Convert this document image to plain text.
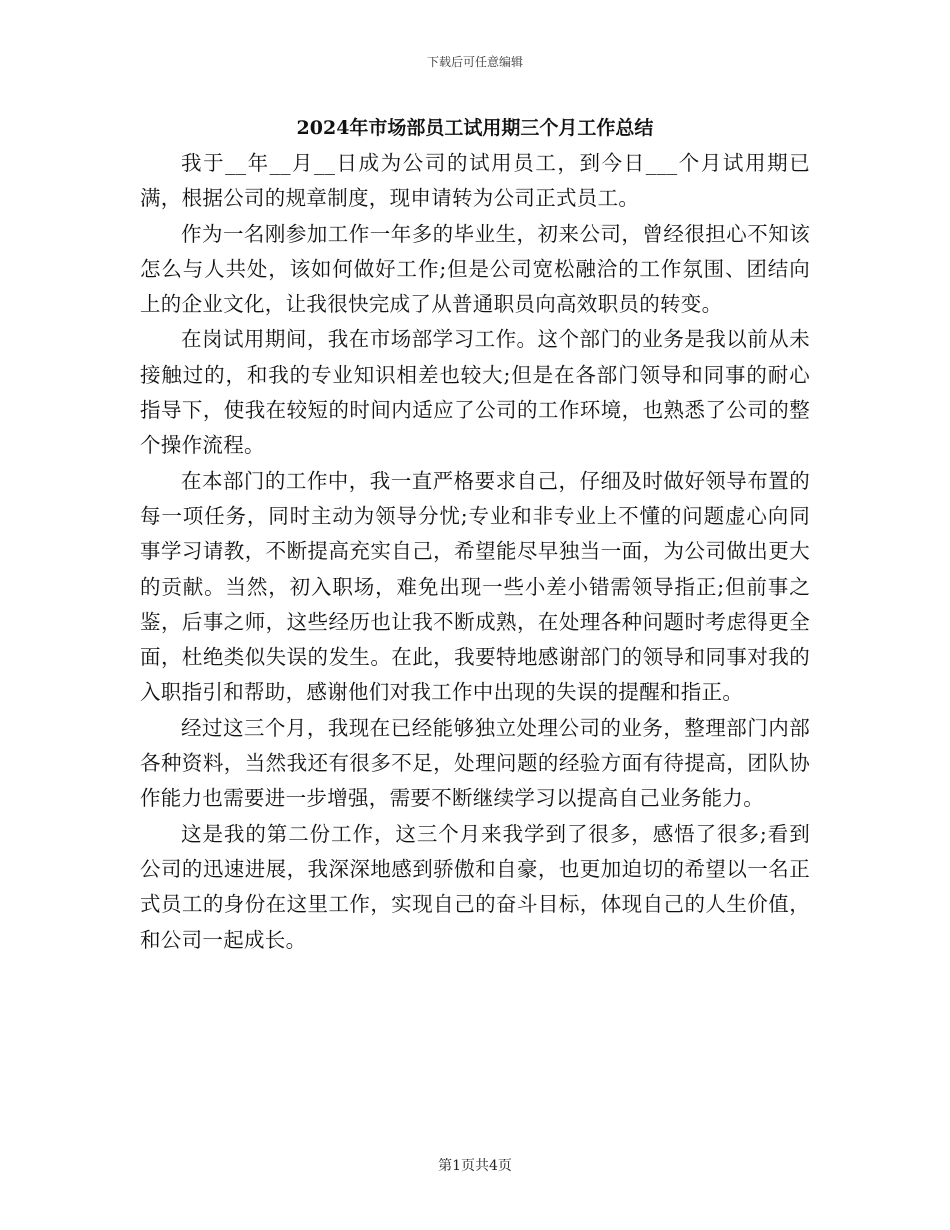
下载后可任意编辑
2024年市场部员工试用期三个月工作总结

我于__年__月__日成为公司的试用员工，到今日___个月试用期已满，根据公司的规章制度，现申请转为公司正式员工。

作为一名刚参加工作一年多的毕业生，初来公司，曾经很担心不知该怎么与人共处，该如何做好工作;但是公司宽松融洽的工作氛围、团结向上的企业文化，让我很快完成了从普通职员向高效职员的转变。

在岗试用期间，我在市场部学习工作。这个部门的业务是我以前从未接触过的，和我的专业知识相差也较大;但是在各部门领导和同事的耐心指导下，使我在较短的时间内适应了公司的工作环境，也熟悉了公司的整个操作流程。

在本部门的工作中，我一直严格要求自己，仔细及时做好领导布置的每一项任务，同时主动为领导分忧;专业和非专业上不懂的问题虚心向同事学习请教，不断提高充实自己，希望能尽早独当一面，为公司做出更大的贡献。当然，初入职场，难免出现一些小差小错需领导指正;但前事之鉴，后事之师，这些经历也让我不断成熟，在处理各种问题时考虑得更全面，杜绝类似失误的发生。在此，我要特地感谢部门的领导和同事对我的入职指引和帮助，感谢他们对我工作中出现的失误的提醒和指正。

经过这三个月，我现在已经能够独立处理公司的业务，整理部门内部各种资料，当然我还有很多不足，处理问题的经验方面有待提高，团队协作能力也需要进一步增强，需要不断继续学习以提高自己业务能力。

这是我的第二份工作，这三个月来我学到了很多，感悟了很多;看到公司的迅速进展，我深深地感到骄傲和自豪，也更加迫切的希望以一名正式员工的身份在这里工作，实现自己的奋斗目标，体现自己的人生价值，和公司一起成长。

第1页共4页
